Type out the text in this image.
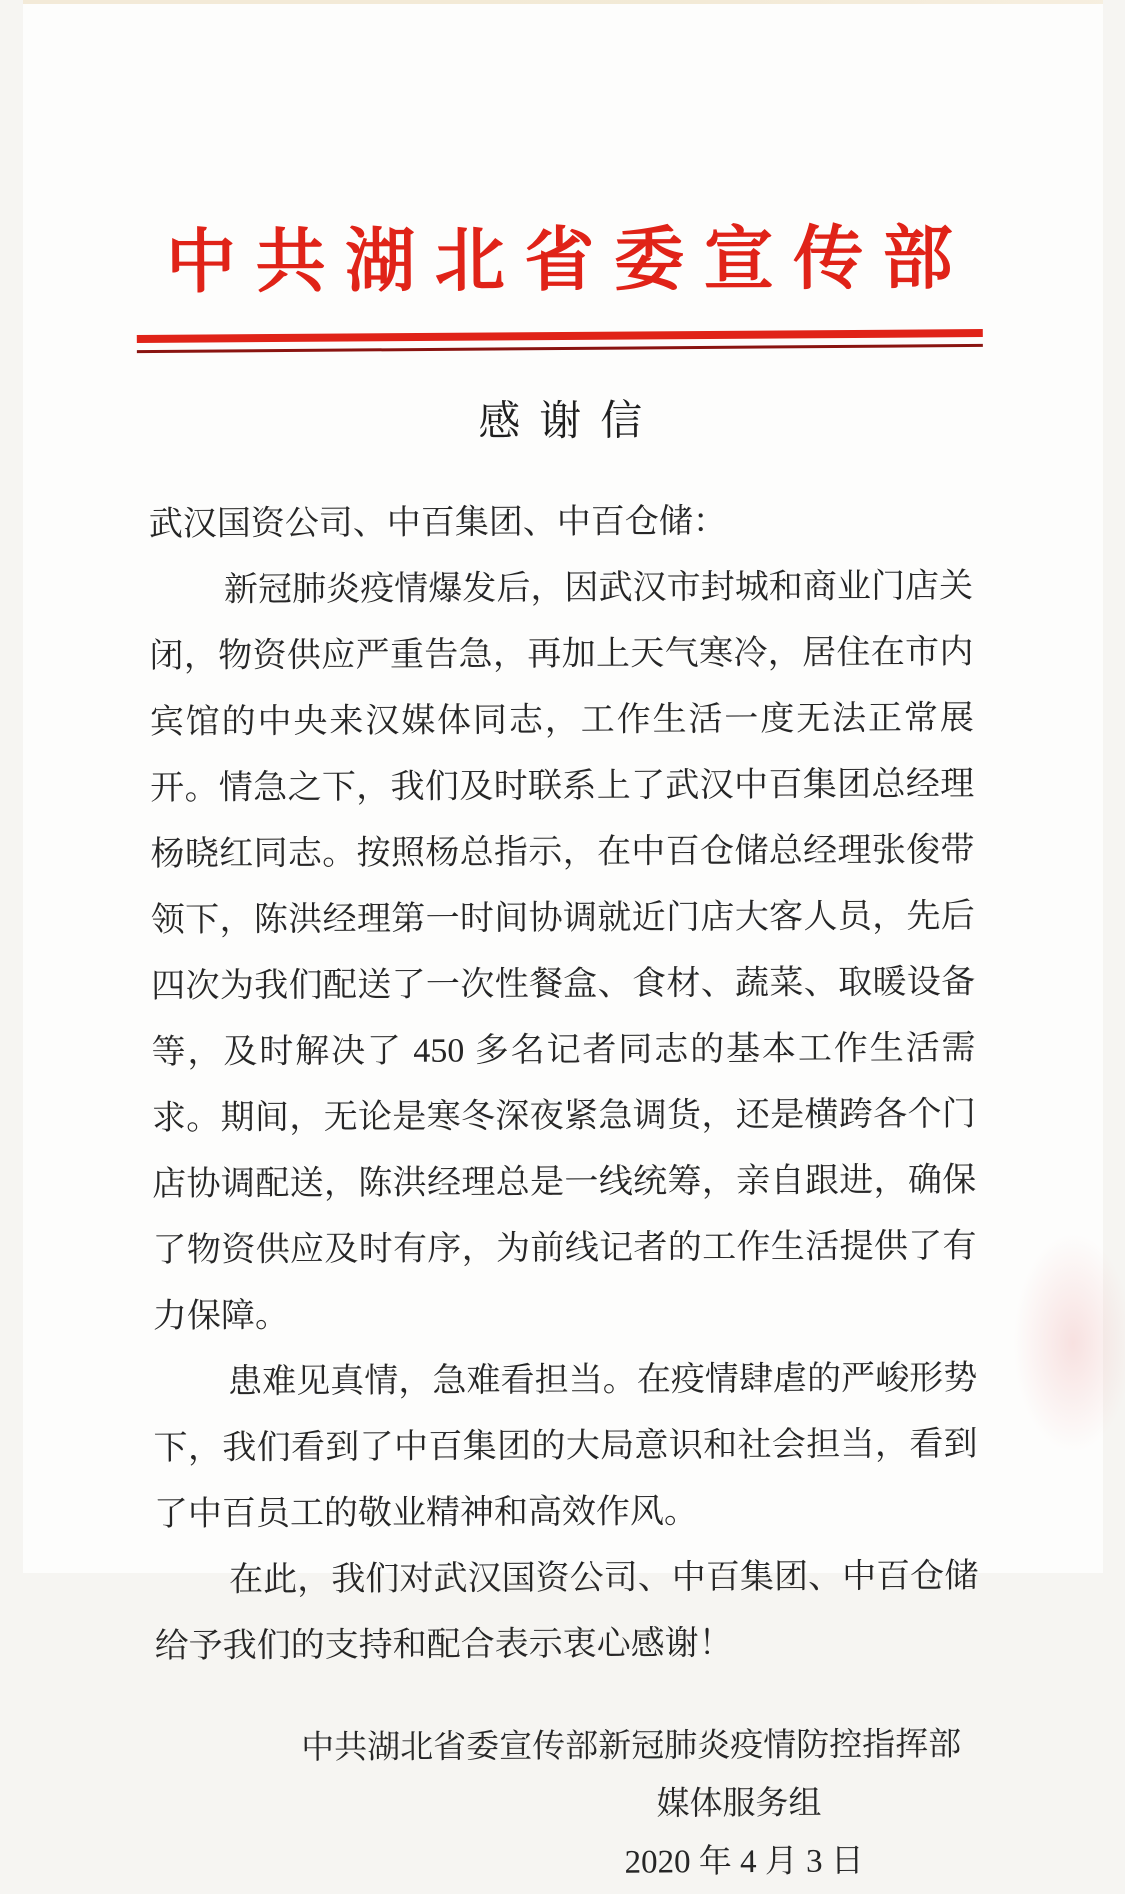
中共湖北省委宣传部
感谢信

武汉国资公司、中百集团、中百仓储：

新冠肺炎疫情爆发后，因武汉市封城和商业门店关闭，物资供应严重告急，再加上天气寒冷，居住在市内宾馆的中央来汉媒体同志，工作生活一度无法正常展开。情急之下，我们及时联系上了武汉中百集团总经理杨晓红同志。按照杨总指示，在中百仓储总经理张俊带领下，陈洪经理第一时间协调就近门店大客人员，先后四次为我们配送了一次性餐盒、食材、蔬菜、取暖设备等，及时解决了 450 多名记者同志的基本工作生活需求。期间，无论是寒冬深夜紧急调货，还是横跨各个门店协调配送，陈洪经理总是一线统筹，亲自跟进，确保了物资供应及时有序，为前线记者的工作生活提供了有力保障。

患难见真情，急难看担当。在疫情肆虐的严峻形势下，我们看到了中百集团的大局意识和社会担当，看到了中百员工的敬业精神和高效作风。

在此，我们对武汉国资公司、中百集团、中百仓储给予我们的支持和配合表示衷心感谢！

中共湖北省委宣传部新冠肺炎疫情防控指挥部

媒体服务组

2020 年 4 月 3 日
